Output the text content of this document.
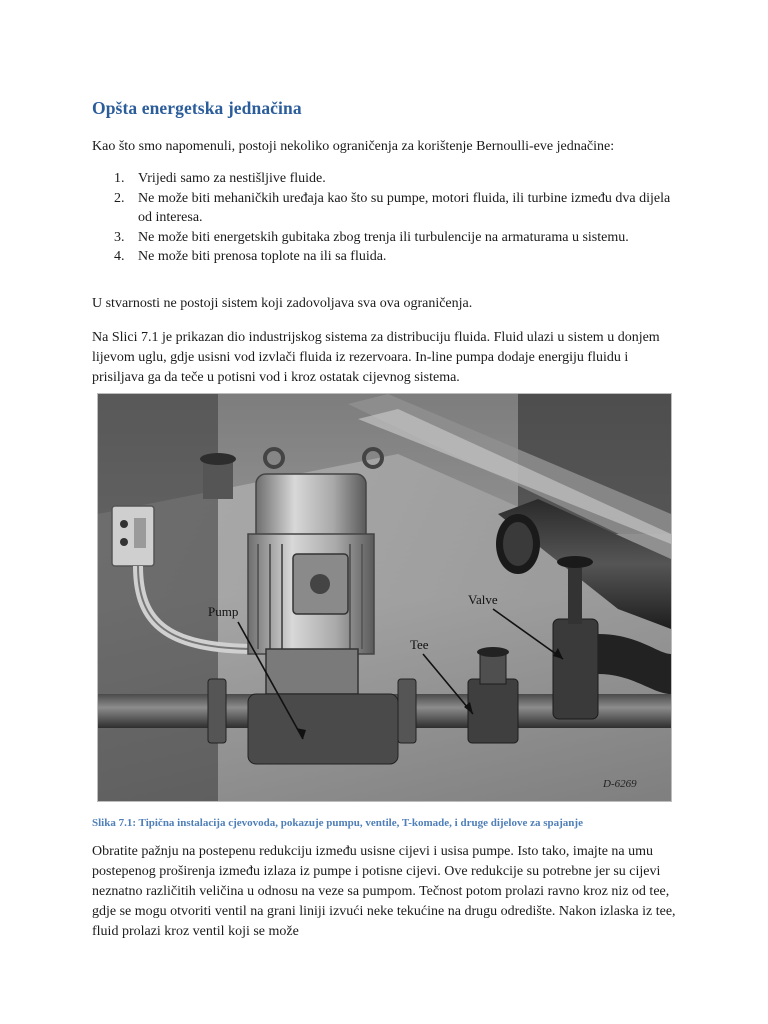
Opšta energetska jednačina

Kao što smo napomenuli, postoji nekoliko ograničenja za korištenje Bernoulli-eve jednačine:

1. Vrijedi samo za nestišljive fluide.
2. Ne može biti mehaničkih uređaja kao što su pumpe, motori fluida, ili turbine između dva dijela od interesa.
3. Ne može biti energetskih gubitaka zbog trenja ili turbulencije na armaturama u sistemu.
4. Ne može biti prenosa toplote na ili sa fluida.

U stvarnosti ne postoji sistem koji zadovoljava sva ova ograničenja.

Na Slici 7.1 je prikazan dio industrijskog sistema za distribuciju fluida. Fluid ulazi u sistem u donjem lijevom uglu, gdje usisni vod izvlači fluida iz rezervoara. In-line pumpa dodaje energiju fluidu i prisiljava ga da teče u potisni vod i kroz ostatak cijevnog sistema.

Pump
Valve
Tee
D-6269

Slika 7.1: Tipična instalacija cjevovoda, pokazuje pumpu, ventile, T-komade, i druge dijelove za spajanje

Obratite pažnju na postepenu redukciju između usisne cijevi i usisa pumpe. Isto tako, imajte na umu postepenog proširenja između izlaza iz pumpe i potisne cijevi. Ove redukcije su potrebne jer su cijevi neznatno različitih veličina u odnosu na veze sa pumpom. Tečnost potom prolazi ravno kroz niz od tee, gdje se mogu otvoriti ventil na grani liniji izvući neke tekućine na drugu odredište. Nakon izlaska iz tee, fluid prolazi kroz ventil koji se može
